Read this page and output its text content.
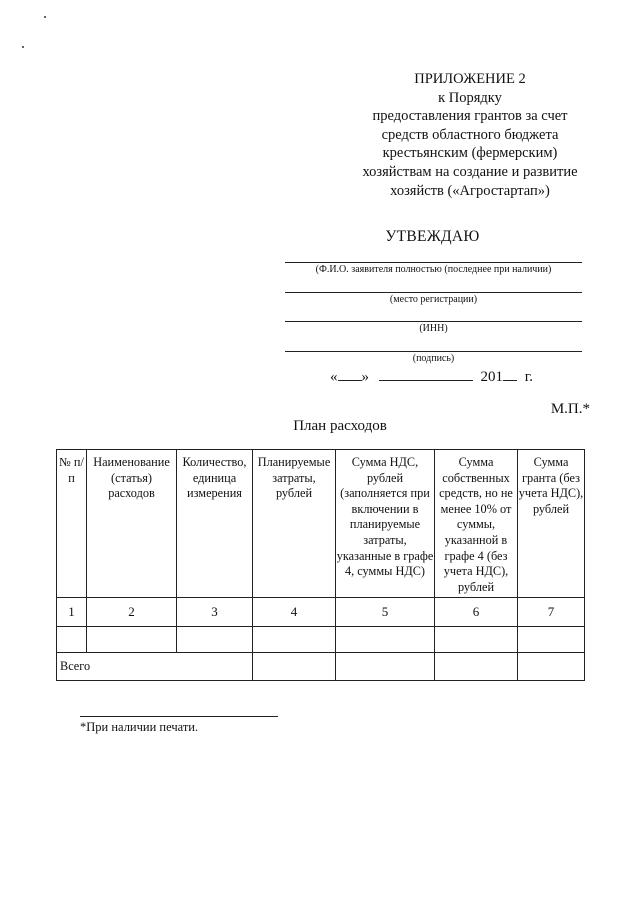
ПРИЛОЖЕНИЕ 2
к Порядку
предоставления грантов за счет
средств областного бюджета
крестьянским (фермерским)
хозяйствам на создание и развитие
хозяйств («Агростартап»)
УТВЕЖДАЮ
(Ф.И.О. заявителя полностью (последнее при наличии)
(место регистрации)
(ИНН)
(подпись)
« »	201 г.
М.П.*
План расходов
№ п/п	Наименование (статья) расходов	Количество, единица измерения	Планируемые затраты, рублей	Сумма НДС, рублей (заполняется при включении в планируемые затраты, указанные в графе 4, суммы НДС)	Сумма собственных средств, но не менее 10% от суммы, указанной в графе 4 (без учета НДС), рублей	Сумма гранта (без учета НДС), рублей
1	2	3	4	5	6	7

Всего						
*При наличии печати.
